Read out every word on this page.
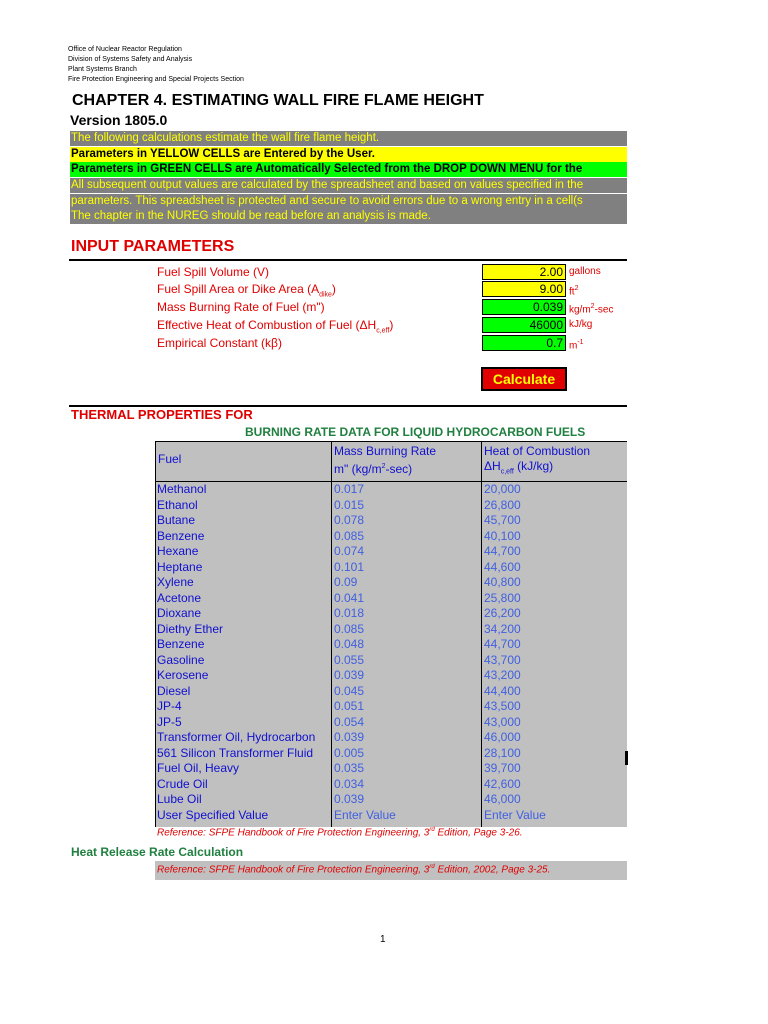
Office of Nuclear Reactor Regulation
Division of Systems Safety and Analysis
Plant Systems Branch
Fire Protection Engineering and Special Projects Section
CHAPTER 4. ESTIMATING WALL FIRE FLAME HEIGHT
Version 1805.0
The following calculations estimate the wall fire flame height.
Parameters in YELLOW CELLS are Entered by the User.
Parameters in GREEN CELLS are Automatically Selected from the DROP DOWN MENU for the
All subsequent output values are calculated by the spreadsheet and based on values specified in the
parameters. This spreadsheet is protected and secure to avoid errors due to a wrong entry in a cell(s
The chapter in the NUREG should be read before an analysis is made.
INPUT PARAMETERS
Fuel Spill Volume (V)	2.00 gallons
Fuel Spill Area or Dike Area $(A_{dike})$	9.00 $ft^2$
Mass Burning Rate of Fuel (m")	0.039 $kg/m^2-\sec$
Effective Heat of Combustion of Fuel $(\Delta H_{c,eff})$	46000 kJ/kg
Empirical Constant (kβ)	0.7 $m^{-1}$
Calculate
THERMAL PROPERTIES FOR
BURNING RATE DATA FOR LIQUID HYDROCARBON FUELS
Fuel
Mass Burning Rate
m" $(kg/m^2-\sec)$
Heat of Combustion
$\Delta H_{c,eff}$ (kJ/kg)
Methanol	0.017	20,000
Ethanol	0.015	26,800
Butane	0.078	45,700
Benzene	0.085	40,100
Hexane	0.074	44,700
Heptane	0.101	44,600
Xylene	0.09	40,800
Acetone	0.041	25,800
Dioxane	0.018	26,200
Diethy Ether	0.085	34,200
Benzene	0.048	44,700
Gasoline	0.055	43,700
Kerosene	0.039	43,200
Diesel	0.045	44,400
JP-4	0.051	43,500
JP-5	0.054	43,000
Transformer Oil, Hydrocarbon 0.039	46,000
561 Silicon Transformer Fluid 0.005	28,100
Fuel Oil, Heavy	0.035	39,700
Crude Oil	0.034	42,600
Lube Oil	0.039	46,000
User Specified Value	Enter Value	Enter Value
Reference: SFPE Handbook of Fire Protection Engineering, 3rd Edition, Page 3-26.
Heat Release Rate Calculation
Reference: SFPE Handbook of Fire Protection Engineering, 3rd Edition, 2002, Page 3-25.
1
